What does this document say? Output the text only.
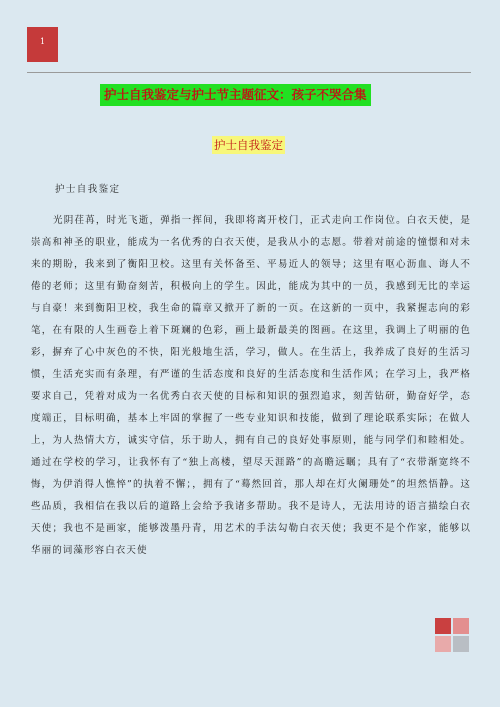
1
护士自我鉴定与护士节主题征文：孩子不哭合集
护士自我鉴定
护士自我鉴定
光阴荏苒，时光飞逝，弹指一挥间，我即将离开校门，正式走向工作岗位。白衣天使，是崇高和神圣的职业，能成为一名优秀的白衣天使，是我从小的志愿。带着对前途的憧憬和对未来的期盼，我来到了衡阳卫校。这里有关怀备至、平易近人的领导；这里有呕心沥血、诲人不倦的老师；这里有勤奋刻苦，积极向上的学生。因此，能成为其中的一员，我感到无比的幸运与自豪！来到衡阳卫校，我生命的篇章又掀开了新的一页。在这新的一页中，我紧握志向的彩笔，在有限的人生画卷上着下斑斓的色彩，画上最新最美的图画。在这里，我调上了明丽的色彩，摒弃了心中灰色的不快，阳光般地生活，学习，做人。在生活上，我养成了良好的生活习惯，生活充实而有条理，有严谨的生活态度和良好的生活态度和生活作风；在学习上，我严格要求自己，凭着对成为一名优秀白衣天使的目标和知识的强烈追求，刻苦钻研，勤奋好学，态度端正，目标明确，基本上牢固的掌握了一些专业知识和技能，做到了理论联系实际；在做人上，为人热情大方，诚实守信，乐于助人，拥有自己的良好处事原则，能与同学们和睦相处。通过在学校的学习，让我怀有了“独上高楼，望尽天涯路”的高瞻远瞩；具有了“衣带渐宽终不悔，为伊消得人憔悴”的执着不懈；，拥有了“蓦然回首，那人却在灯火阑珊处”的坦然悟静。这些品质，我相信在我以后的道路上会给予我诸多帮助。我不是诗人，无法用诗的语言描绘白衣天使；我也不是画家，能够泼墨丹青，用艺术的手法勾勒白衣天使；我更不是个作家，能够以华丽的词藻形容白衣天使
